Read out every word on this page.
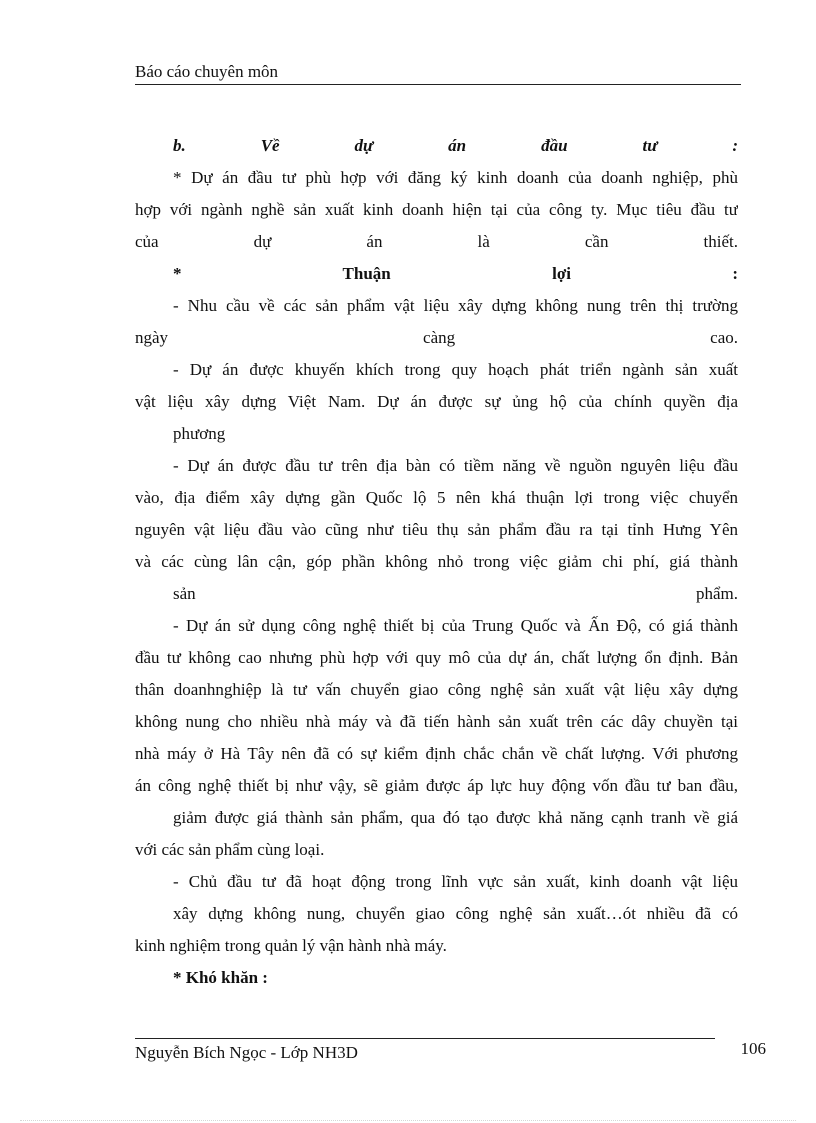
Báo cáo chuyên môn
b. Về dự án đầu tư :
* Dự án đầu tư phù hợp với đăng ký kinh doanh của doanh nghiệp, phù
hợp với ngành nghề sản xuất kinh doanh hiện tại của công ty. Mục tiêu đầu tư
của dự án là cần thiết.
* Thuận lợi :
- Nhu cầu về các sản phẩm vật liệu xây dựng không nung trên thị trường
ngày càng cao.
- Dự án được khuyến khích trong quy hoạch phát triển ngành sản xuất
vật liệu xây dựng Việt Nam. Dự án được sự ủng hộ của chính quyền địa
phương
- Dự án được đầu tư trên địa bàn có tiềm năng về nguồn nguyên liệu đầu
vào, địa điểm xây dựng gần Quốc lộ 5 nên khá thuận lợi trong việc chuyển
nguyên vật liệu đầu vào cũng như tiêu thụ sản phẩm đầu ra tại tỉnh Hưng Yên
và các cùng lân cận, góp phần không nhỏ trong việc giảm chi phí, giá thành
sản phẩm.
- Dự án sử dụng công nghệ thiết bị của Trung Quốc và Ấn Độ, có giá thành
đầu tư không cao nhưng phù hợp với quy mô của dự án, chất lượng ổn định. Bản
thân doanhnghiệp là tư vấn chuyển giao công nghệ sản xuất vật liệu xây dựng
không nung cho nhiều nhà máy và đã tiến hành sản xuất trên các dây chuyền tại
nhà máy ở Hà Tây nên đã có sự kiểm định chắc chắn về chất lượng. Với phương
án công nghệ thiết bị như vậy, sẽ giảm được áp lực huy động vốn đầu tư ban đầu,
giảm được giá thành sản phẩm, qua đó tạo được khả năng cạnh tranh về giá
với các sản phẩm cùng loại.
- Chủ đầu tư đã hoạt động trong lĩnh vực sản xuất, kinh doanh vật liệu
xây dựng không nung, chuyển giao công nghệ sản xuất…ót nhiều đã có
kinh nghiệm trong quản lý vận hành nhà máy.
* Khó khăn :
Nguyễn Bích Ngọc - Lớp NH3D	106
